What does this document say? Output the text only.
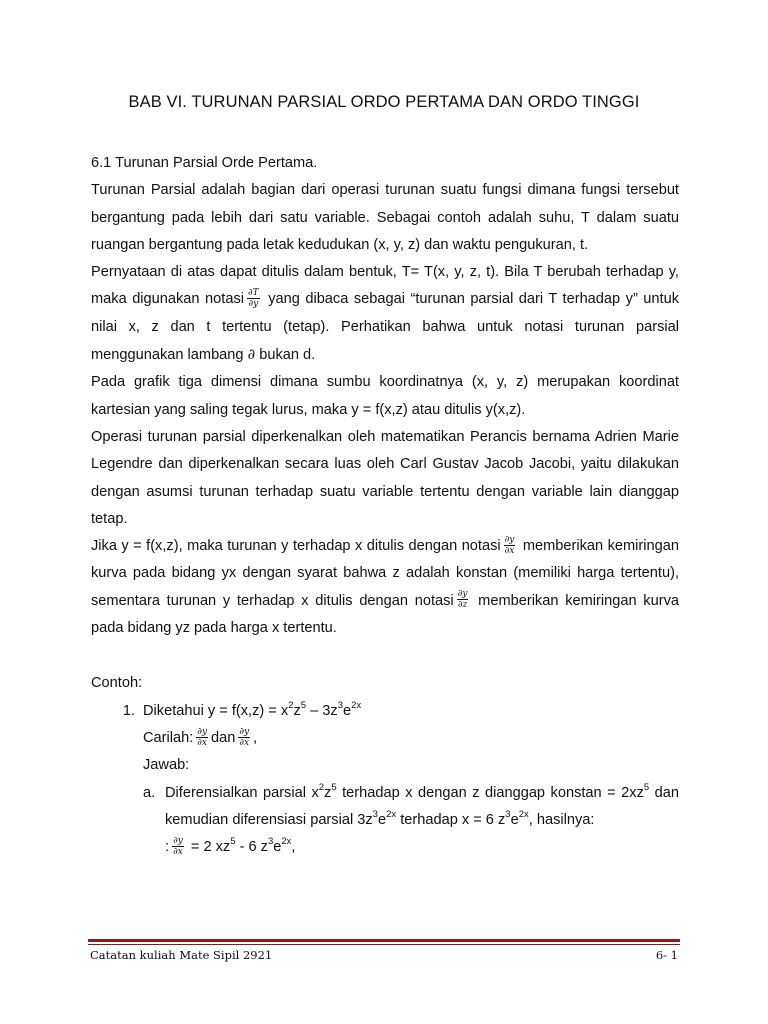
BAB VI. TURUNAN PARSIAL ORDO PERTAMA DAN ORDO TINGGI

6.1 Turunan Parsial Orde Pertama.

Turunan Parsial adalah bagian dari operasi turunan suatu fungsi dimana fungsi tersebut bergantung pada lebih dari satu variable. Sebagai contoh adalah suhu, T dalam suatu ruangan bergantung pada letak kedudukan (x, y, z) dan waktu pengukuran, t.

Pernyataan di atas dapat ditulis dalam bentuk, T= T(x, y, z, t). Bila T berubah terhadap y, maka digunakan notasi $\frac{\partial T}{\partial y}$ yang dibaca sebagai “turunan parsial dari T terhadap y” untuk nilai x, z dan t tertentu (tetap). Perhatikan bahwa untuk notasi turunan parsial menggunakan lambang ∂ bukan d.

Pada grafik tiga dimensi dimana sumbu koordinatnya (x, y, z) merupakan koordinat kartesian yang saling tegak lurus, maka y = f(x,z) atau ditulis y(x,z).

Operasi turunan parsial diperkenalkan oleh matematikan Perancis bernama Adrien Marie Legendre dan diperkenalkan secara luas oleh Carl Gustav Jacob Jacobi, yaitu dilakukan dengan asumsi turunan terhadap suatu variable tertentu dengan variable lain dianggap tetap.

Jika y = f(x,z), maka turunan y terhadap x ditulis dengan notasi $\frac{\partial y}{\partial x}$ memberikan kemiringan kurva pada bidang yx dengan syarat bahwa z adalah konstan (memiliki harga tertentu), sementara turunan y terhadap x ditulis dengan notasi $\frac{\partial y}{\partial z}$ memberikan kemiringan kurva pada bidang yz pada harga x tertentu.

Contoh:

1. Diketahui $y = f(x,z) = x^2z^5 - 3z^3e^{2x}$
Carilah: $\frac{\partial y}{\partial x}$ dan $\frac{\partial y}{\partial x}$ ,
Jawab:
a. Diferensialkan parsial $x^2z^5$ terhadap x dengan z dianggap konstan = $2xz^5$ dan
kemudian diferensiasi parsial $3z^3e^{2x}$ terhadap x = 6 $z^3e^{2x}$, hasilnya:
: $\frac{\partial y}{\partial x} = 2$ $xz^5 - 6$ $z^3e^{2x}$,
Catatan kuliah Mate Sipil 2921	6- 1
